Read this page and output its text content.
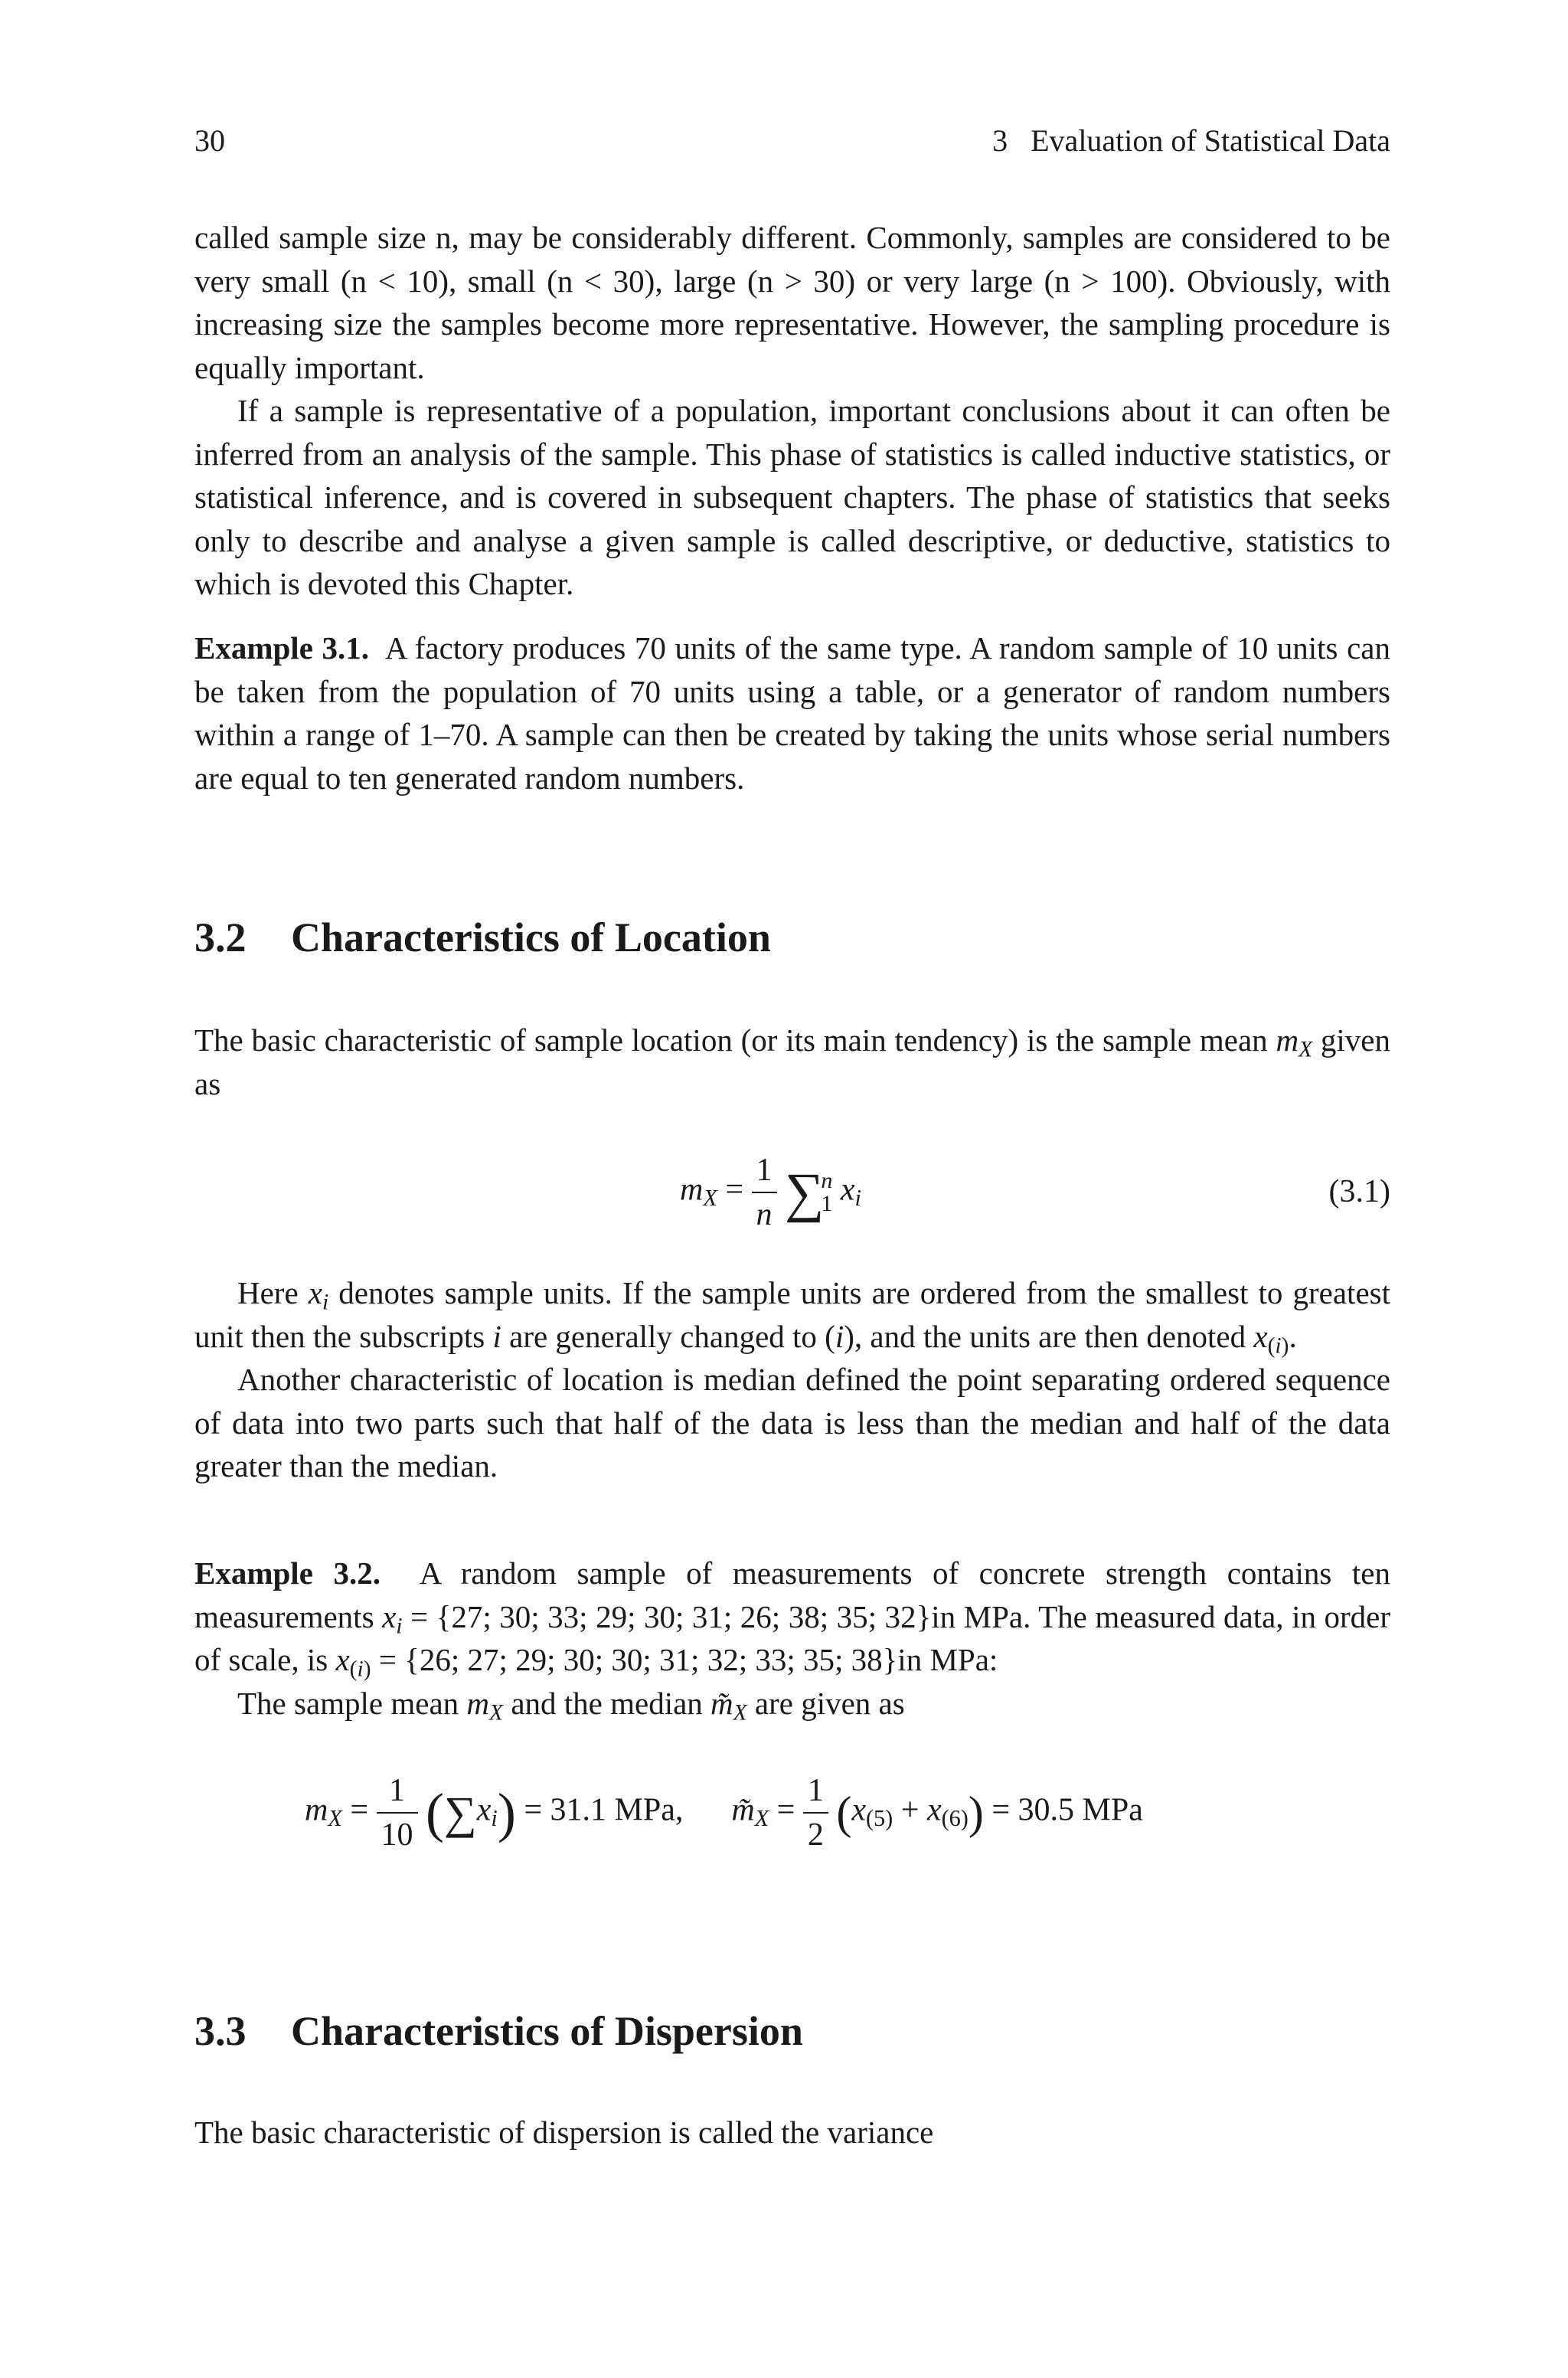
30	3   Evaluation of Statistical Data

called sample size n, may be considerably different. Commonly, samples are considered to be very small (n < 10), small (n < 30), large (n > 30) or very large (n > 100). Obviously, with increasing size the samples become more representative. However, the sampling procedure is equally important.

If a sample is representative of a population, important conclusions about it can often be inferred from an analysis of the sample. This phase of statistics is called inductive statistics, or statistical inference, and is covered in subsequent chapters. The phase of statistics that seeks only to describe and analyse a given sample is called descriptive, or deductive, statistics to which is devoted this Chapter.

Example 3.1. A factory produces 70 units of the same type. A random sample of 10 units can be taken from the population of 70 units using a table, or a generator of random numbers within a range of 1–70. A sample can then be created by taking the units whose serial numbers are equal to ten generated random numbers.

3.2 Characteristics of Location

The basic characteristic of sample location (or its main tendency) is the sample mean $m_X$ given as

$m_X = \frac{1}{n}$ ∑
n
1 $x_i$	(3.1)

Here $x_i$ denotes sample units. If the sample units are ordered from the smallest to greatest unit then the subscripts i are generally changed to (i), and the units are then denoted $x_{(i)}$.

Another characteristic of location is median defined the point separating ordered sequence of data into two parts such that half of the data is less than the median and half of the data greater than the median.

Example 3.2. A random sample of measurements of concrete strength contains ten measurements $x_i = \{27$; 30; 33; 29; 30; 31; 26; 38; 35; 32}in MPa. The measured data, in order of scale, is $x_{(i)} = \{26$; 27; 29; 30; 30; 31; 32; 33; 35; 38}in MPa:

The sample mean $m_X$ and the median $m̃_X$ are given as

$m_X = \frac{1}{10} (\sum x_i) = 31.1$ MPa, $m̃_X = \frac{1}{2} (x_{(5)} + x_{(6)}) = 30.5$ MPa
3.3 Characteristics of Dispersion

The basic characteristic of dispersion is called the variance
